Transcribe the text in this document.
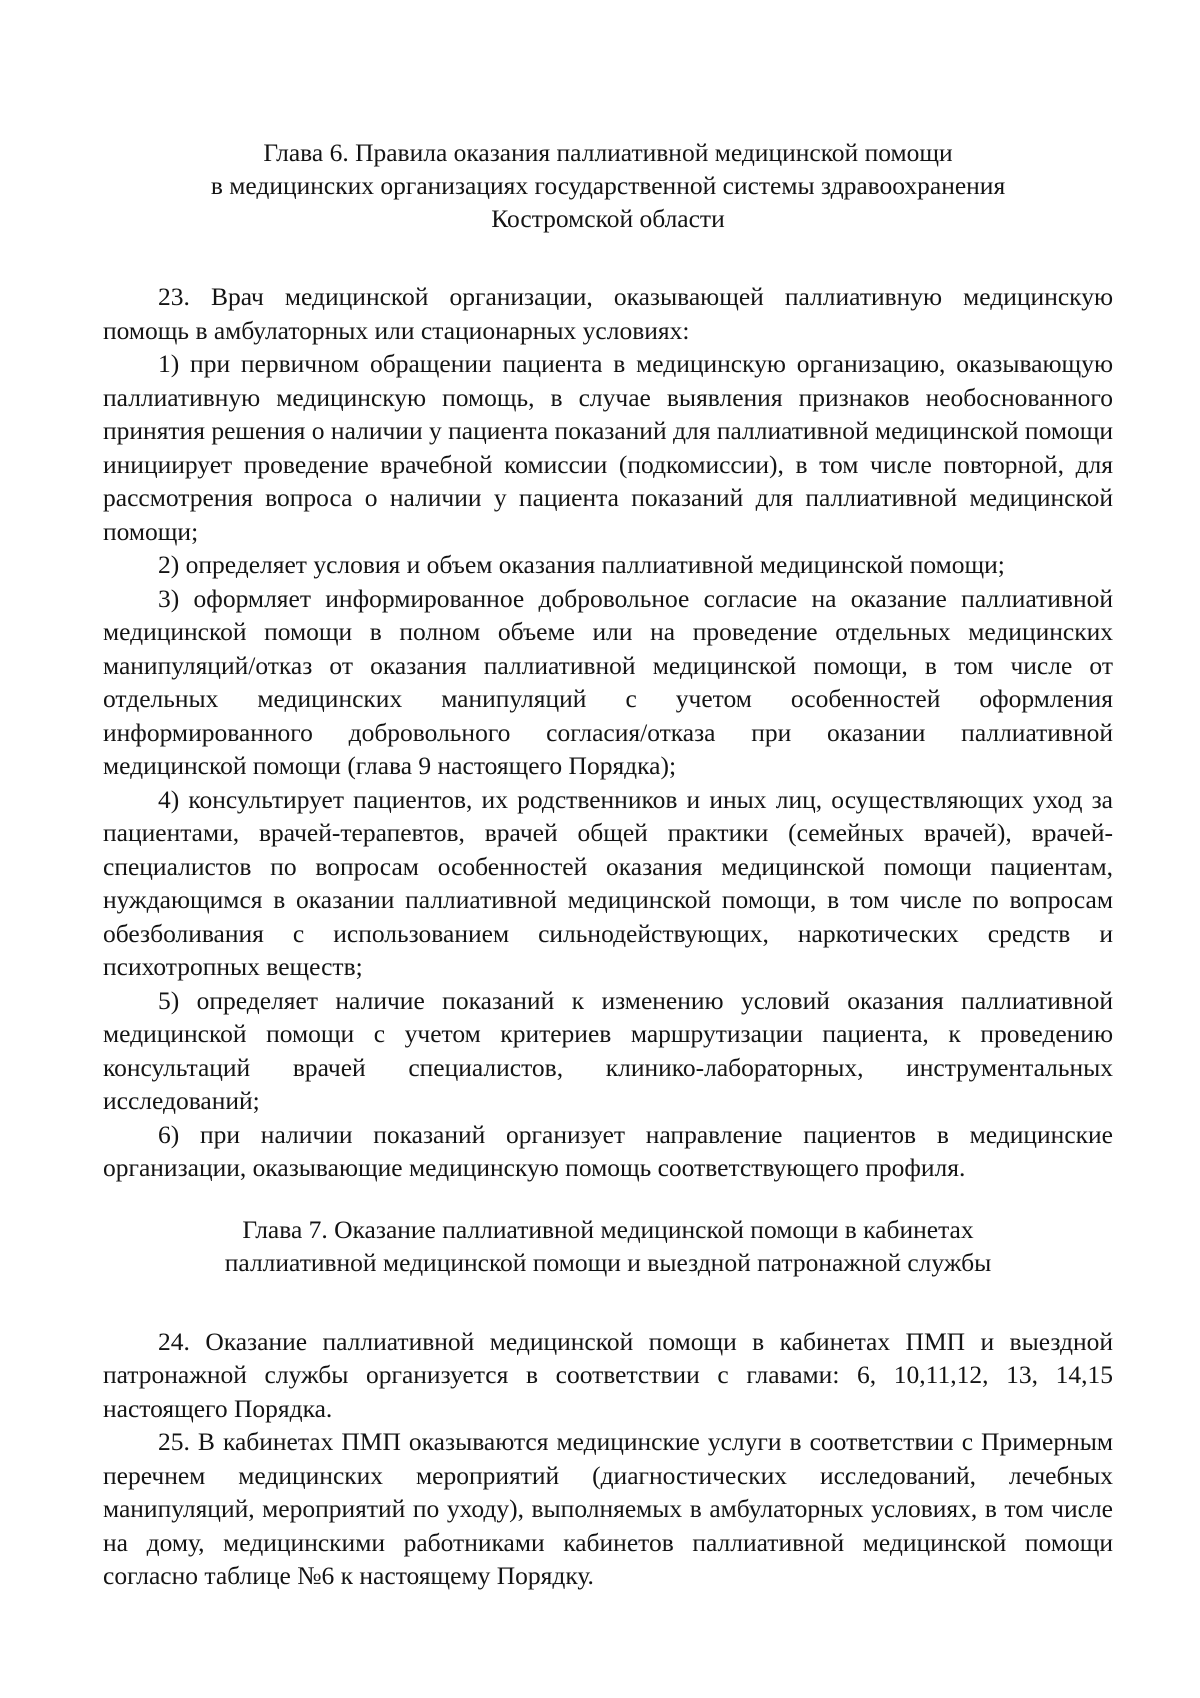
Глава 6. Правила оказания паллиативной медицинской помощи
в медицинских организациях государственной системы здравоохранения
Костромской области

23. Врач медицинской организации, оказывающей паллиативную медицинскую помощь в амбулаторных или стационарных условиях:

1) при первичном обращении пациента в медицинскую организацию, оказывающую паллиативную медицинскую помощь, в случае выявления признаков необоснованного принятия решения о наличии у пациента показаний для паллиативной медицинской помощи инициирует проведение врачебной комиссии (подкомиссии), в том числе повторной, для рассмотрения вопроса о наличии у пациента показаний для паллиативной медицинской помощи;

2) определяет условия и объем оказания паллиативной медицинской помощи;

3) оформляет информированное добровольное согласие на оказание паллиативной медицинской помощи в полном объеме или на проведение отдельных медицинских манипуляций/отказ от оказания паллиативной медицинской помощи, в том числе от отдельных медицинских манипуляций с учетом особенностей оформления информированного добровольного согласия/отказа при оказании паллиативной медицинской помощи (глава 9 настоящего Порядка);

4) консультирует пациентов, их родственников и иных лиц, осуществляющих уход за пациентами, врачей-терапевтов, врачей общей практики (семейных врачей), врачей-специалистов по вопросам особенностей оказания медицинской помощи пациентам, нуждающимся в оказании паллиативной медицинской помощи, в том числе по вопросам обезболивания с использованием сильнодействующих, наркотических средств и психотропных веществ;

5) определяет наличие показаний к изменению условий оказания паллиативной медицинской помощи с учетом критериев маршрутизации пациента, к проведению консультаций врачей специалистов, клинико-лабораторных, инструментальных исследований;

6) при наличии показаний организует направление пациентов в медицинские организации, оказывающие медицинскую помощь соответствующего профиля.

Глава 7. Оказание паллиативной медицинской помощи в кабинетах
паллиативной медицинской помощи и выездной патронажной службы

24. Оказание паллиативной медицинской помощи в кабинетах ПМП и выездной патронажной службы организуется в соответствии с главами: 6, 10,11,12, 13, 14,15 настоящего Порядка.

25. В кабинетах ПМП оказываются медицинские услуги в соответствии с Примерным перечнем медицинских мероприятий (диагностических исследований, лечебных манипуляций, мероприятий по уходу), выполняемых в амбулаторных условиях, в том числе на дому, медицинскими работниками кабинетов паллиативной медицинской помощи согласно таблице №6 к настоящему Порядку.
